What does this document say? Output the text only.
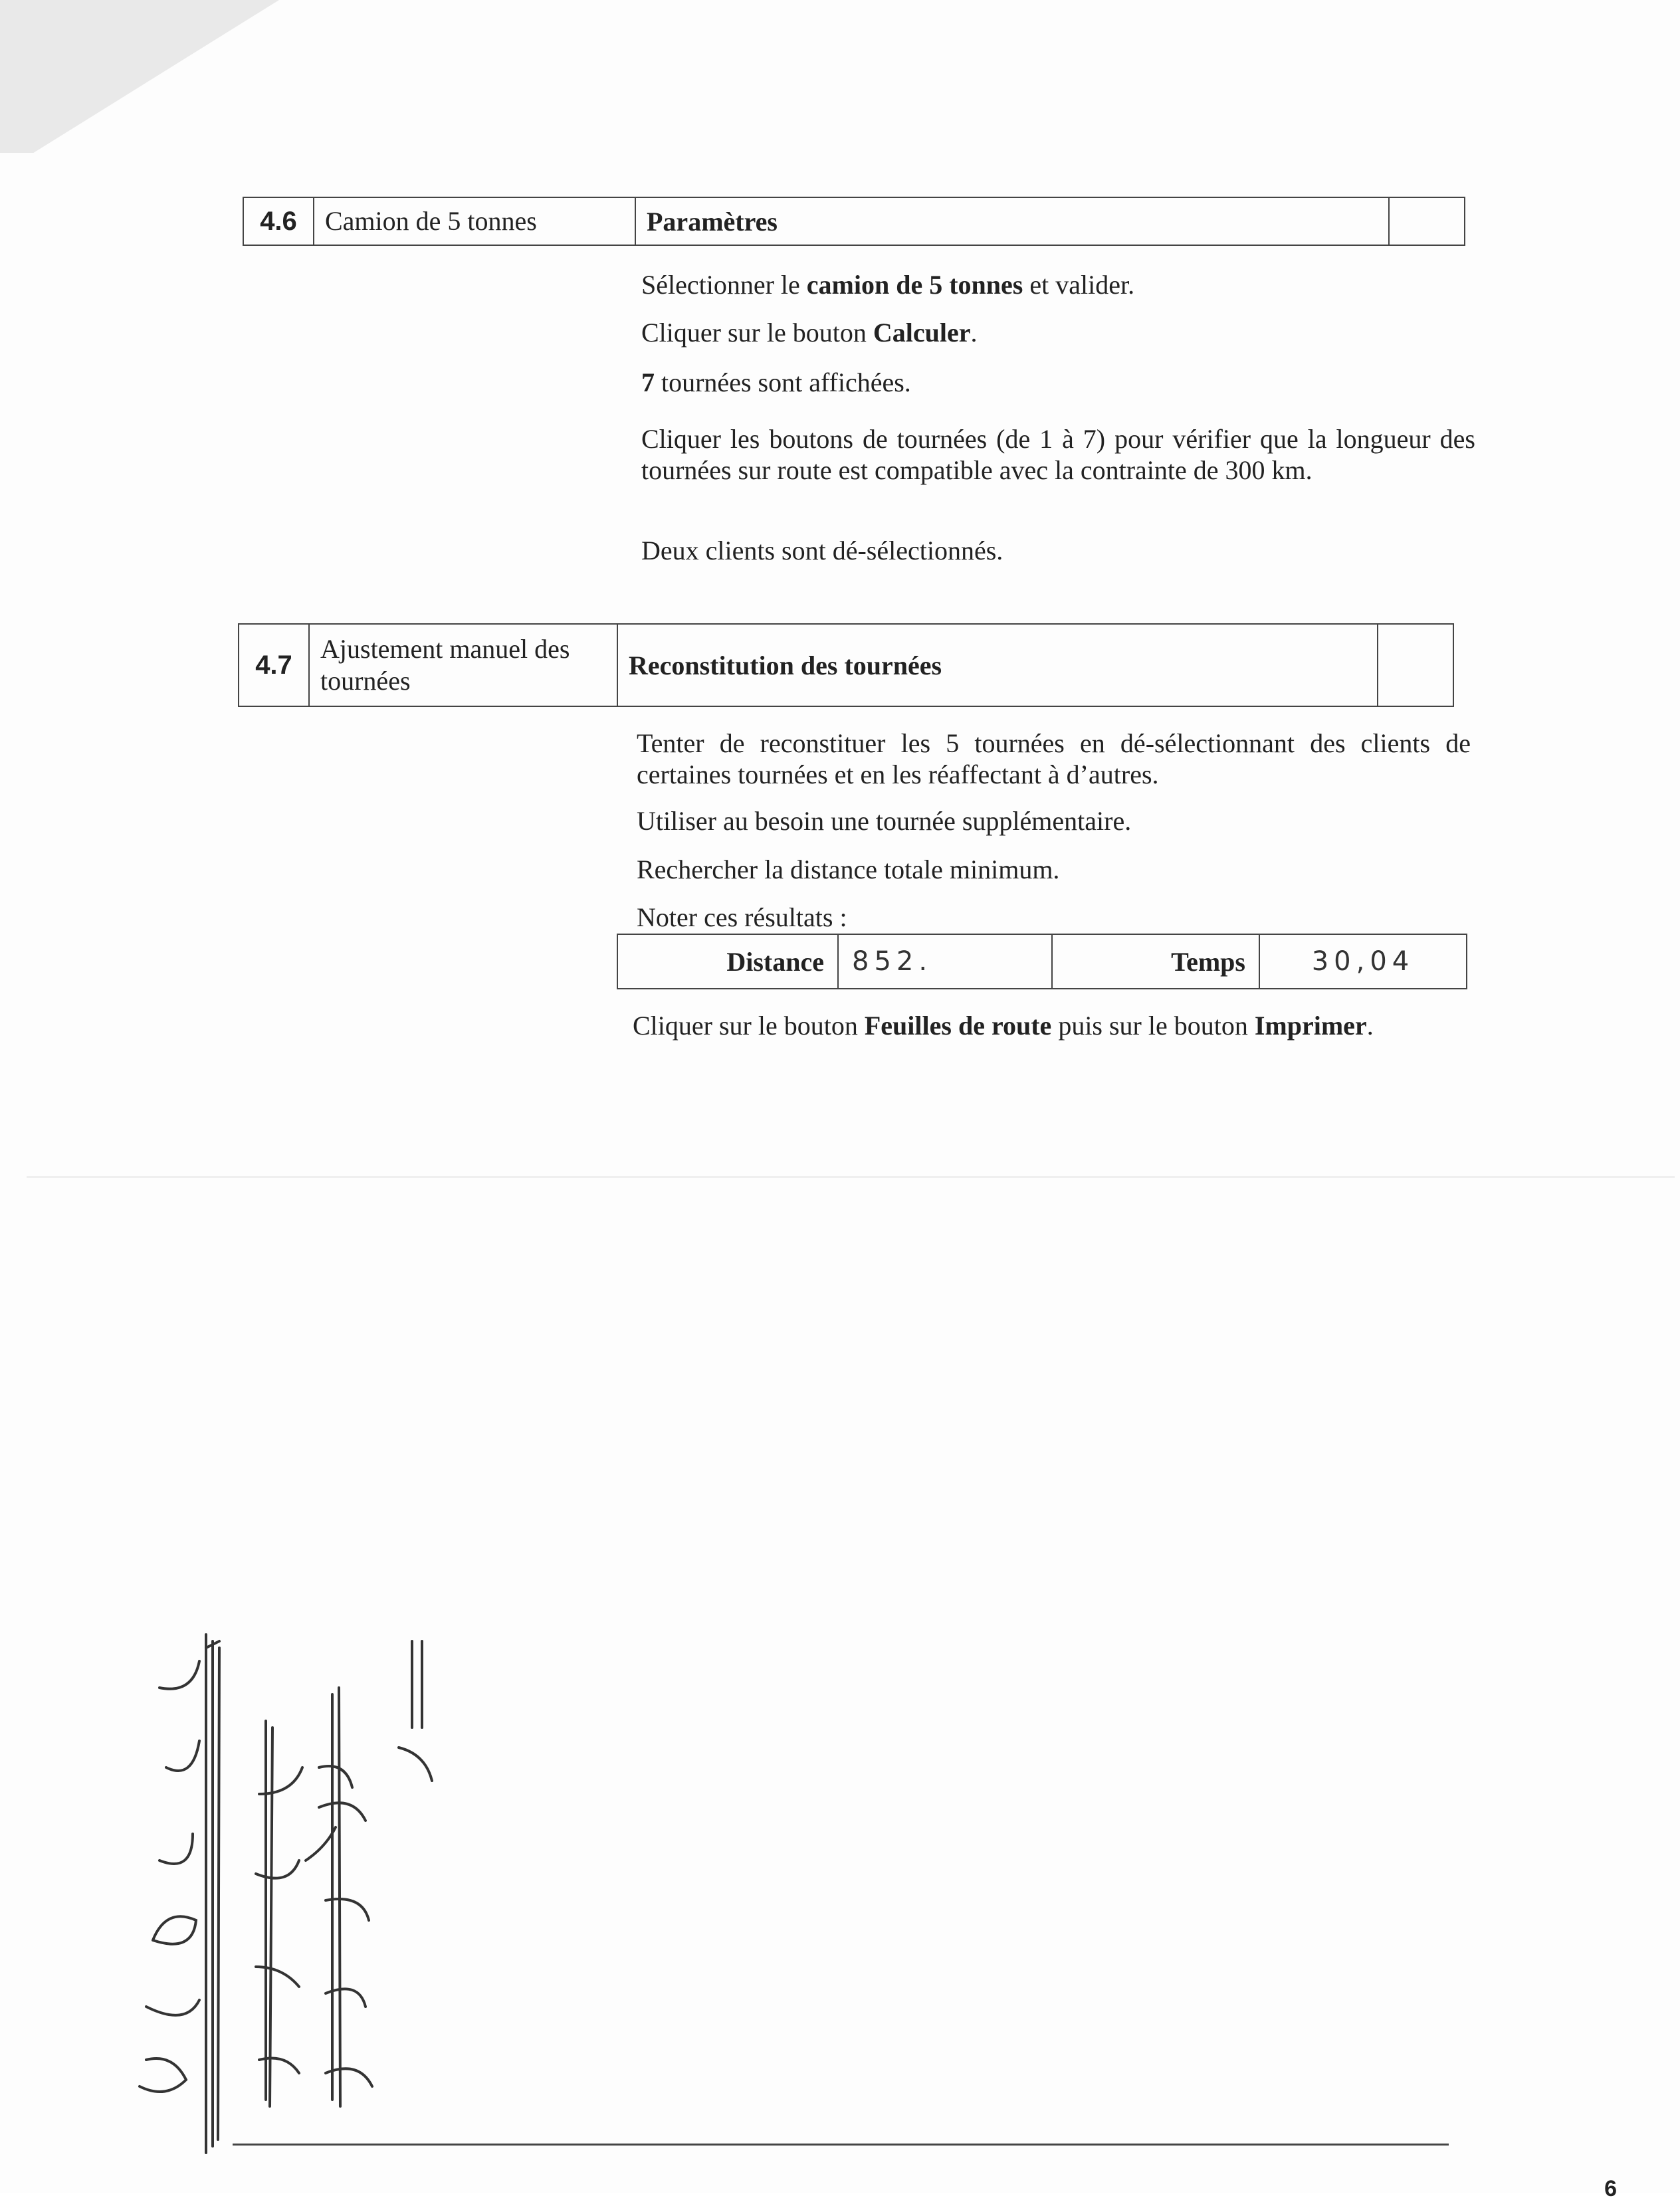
4.6	Camion de 5 tonnes	Paramètres	

Sélectionner le camion de 5 tonnes et valider.

Cliquer sur le bouton Calculer.

7 tournées sont affichées.

Cliquer les boutons de tournées (de 1 à 7) pour vérifier que la longueur des tournées sur route est compatible avec la contrainte de 300 km.

Deux clients sont dé-sélectionnés.

4.7	Ajustement manuel des tournées	Reconstitution des tournées	

Tenter de reconstituer les 5 tournées en dé-sélectionnant des clients de certaines tournées et en les réaffectant à d’autres.

Utiliser au besoin une tournée supplémentaire.

Rechercher la distance totale minimum.

Noter ces résultats :

Distance	852.	Temps	30,04

Cliquer sur le bouton Feuilles de route puis sur le bouton Imprimer.

6
